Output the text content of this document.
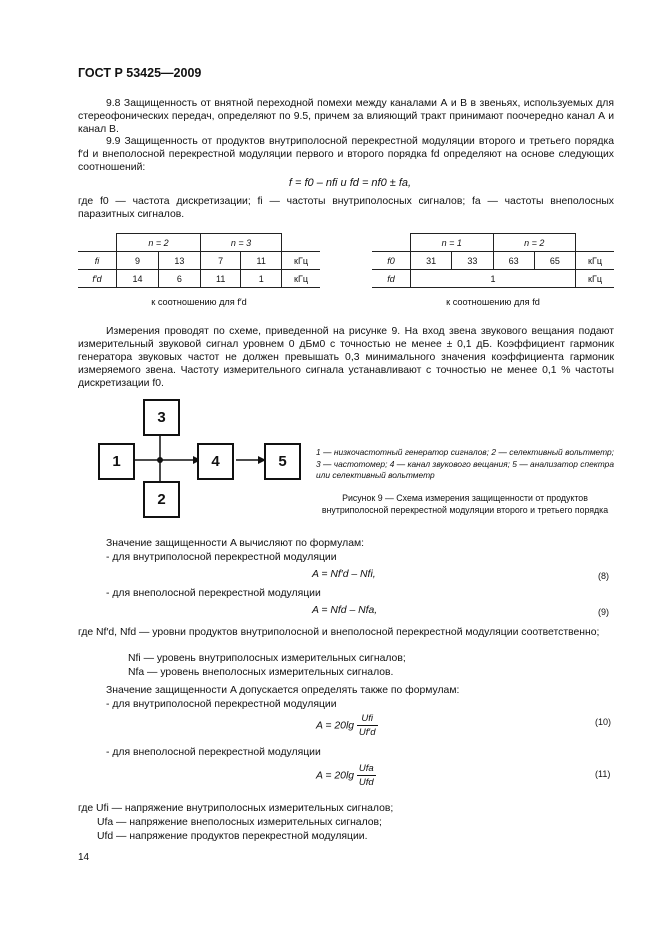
ГОСТ Р 53425—2009
9.8 Защищенность от внятной переходной помехи между каналами А и В в звеньях, используемых для стереофонических передач, определяют по 9.5, причем за влияющий тракт принимают поочередно канал А и канал В.
9.9 Защищенность от продуктов внутриполосной перекрестной модуляции второго и третьего порядка f′d и внеполосной перекрестной модуляции первого и второго порядка fd определяют на основе следующих соотношений:
f = f0 – nfi и fd = nf0 ± fa,
где f0 — частота дискретизации; fi — частоты внутриполосных сигналов; fa — частоты внеполосных паразитных сигналов.
	n = 2		n = 3		
fi	9	13	7	11	кГц
f′d	14	6	11	1	кГц
к соотношению для f′d
	n = 1		n = 2		
f0	31	33	63	65	кГц
fd	1				кГц
к соотношению для fd
Измерения проводят по схеме, приведенной на рисунке 9. На вход звена звукового вещания подают измерительный звуковой сигнал уровнем 0 дБм0 с точностью не менее ± 0,1 дБ. Коэффициент гармоник генератора звуковых частот не должен превышать 0,3 минимального значения коэффициента гармоник измеряемого звена. Частоту измерительного сигнала устанавливают с точностью не менее 0,1 % частоты дискретизации f0.
1
2
3
4	5
1 — низкочастотный генератор сигналов; 2 — селективный вольтметр; 3 — частотомер; 4 — канал звукового вещания; 5 — анализатор спектра или селективный вольтметр
Рисунок 9 — Схема измерения защищенности от продуктов внутриполосной перекрестной модуляции второго и третьего порядка
Значение защищенности A вычисляют по формулам:
- для внутриполосной перекрестной модуляции
A = Nf′d – Nfi,	(8)
- для внеполосной перекрестной модуляции
A = Nfd – Nfa,	(9)
где Nf′d, Nfd — уровни продуктов внутриполосной и внеполосной перекрестной модуляции соответственно;
Nfi — уровень внутриполосных измерительных сигналов;
Nfa — уровень внеполосных измерительных сигналов.
Значение защищенности A допускается определять также по формулам:
- для внутриполосной перекрестной модуляции
$A = 20\lg \frac{\text{Ufi}}{Uf'd}$	(10)
- для внеполосной перекрестной модуляции
$A = 20\lg \frac{\text{Ufa}}{\text{Ufd}}$	(11)
где Ufi — напряжение внутриполосных измерительных сигналов;
Ufa — напряжение внеполосных измерительных сигналов;
Ufd — напряжение продуктов перекрестной модуляции.
14
